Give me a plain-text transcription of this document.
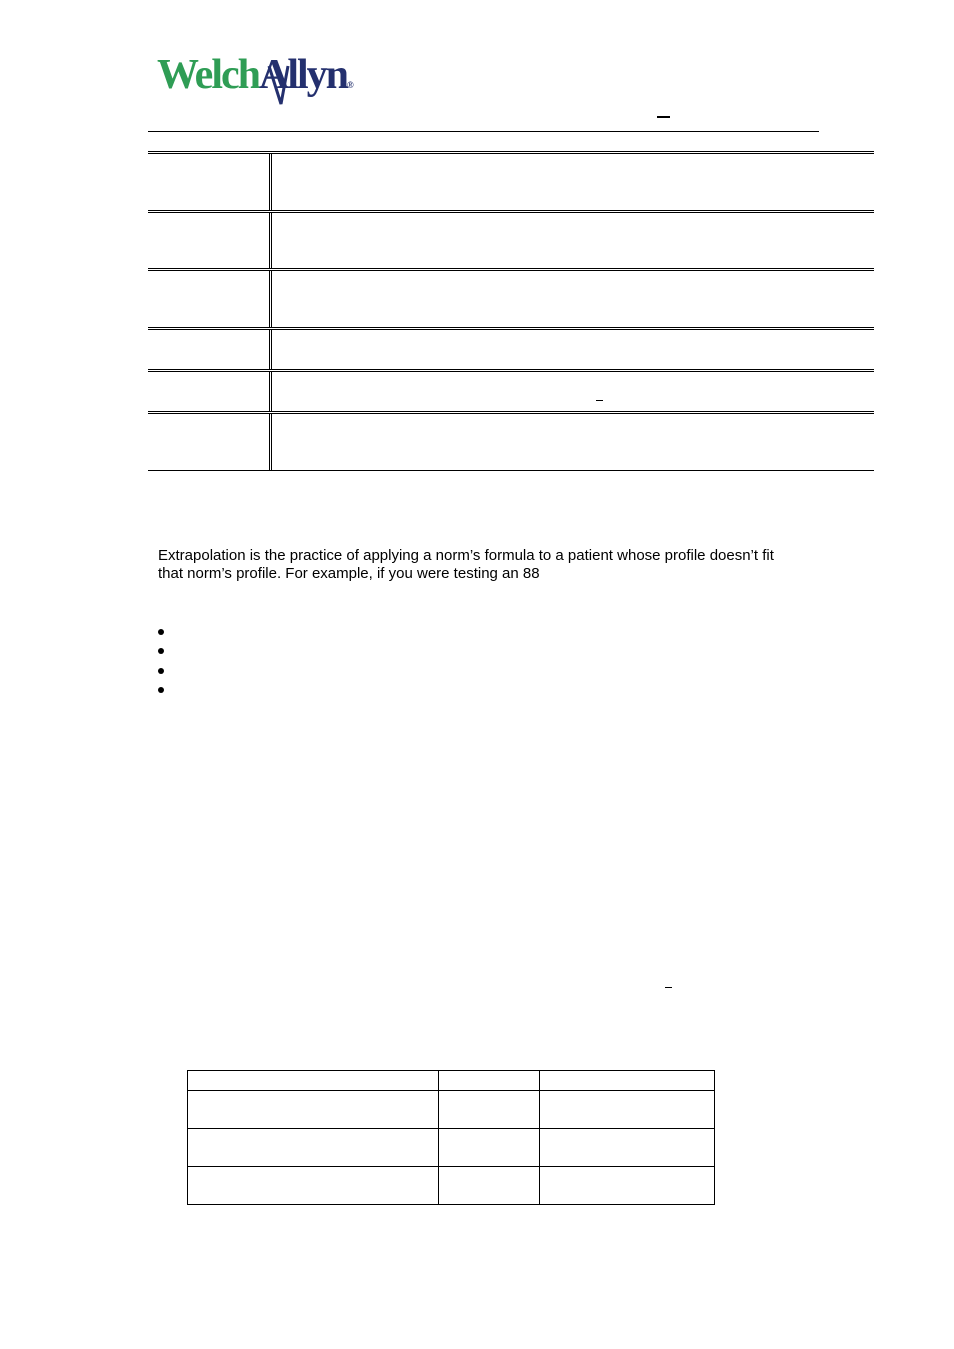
WelchAllyn®

Extrapolation is the practice of applying a norm’s formula to a patient whose profile doesn’t fit

that norm’s profile. For example, if you were testing an 88
